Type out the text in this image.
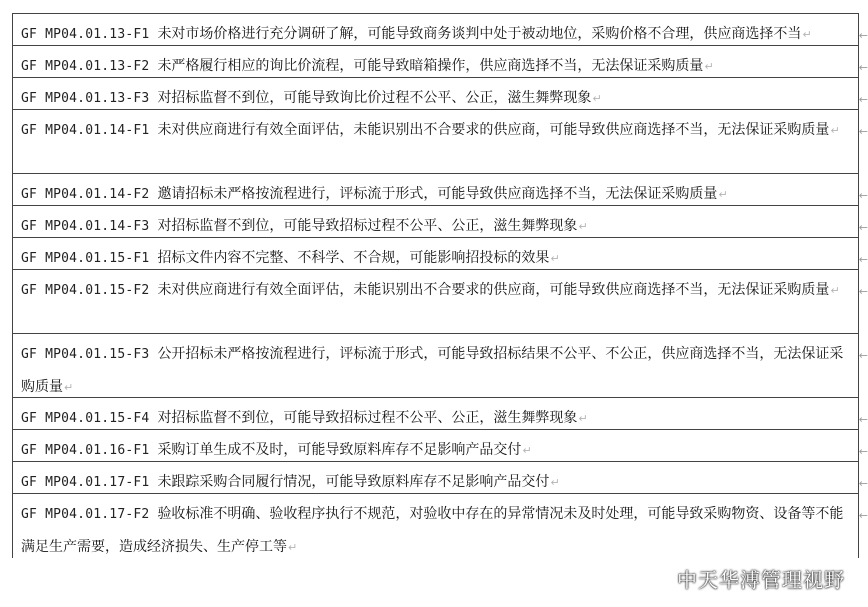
GF MP04.01.13-F1 未对市场价格进行充分调研了解，可能导致商务谈判中处于被动地位，采购价格不合理，供应商选择不当↵	←
GF MP04.01.13-F2 未严格履行相应的询比价流程，可能导致暗箱操作，供应商选择不当，无法保证采购质量↵	←
GF MP04.01.13-F3 对招标监督不到位，可能导致询比价过程不公平、公正，滋生舞弊现象↵	←
GF MP04.01.14-F1 未对供应商进行有效全面评估，未能识别出不合要求的供应商，可能导致供应商选择不当，无法保证采购质量↵ ←
GF MP04.01.14-F2 邀请招标未严格按流程进行，评标流于形式，可能导致供应商选择不当，无法保证采购质量↵	←
GF MP04.01.14-F3 对招标监督不到位，可能导致招标过程不公平、公正，滋生舞弊现象↵	←
GF MP04.01.15-F1 招标文件内容不完整、不科学、不合规，可能影响招投标的效果↵	←
GF MP04.01.15-F2 未对供应商进行有效全面评估，未能识别出不合要求的供应商，可能导致供应商选择不当，无法保证采购质量↵ ←
GF MP04.01.15-F3 公开招标未严格按流程进行，评标流于形式，可能导致招标结果不公平、不公正，供应商选择不当，无法保证采购质量↵
←
GF MP04.01.15-F4 对招标监督不到位，可能导致招标过程不公平、公正，滋生舞弊现象↵	←
GF MP04.01.16-F1 采购订单生成不及时，可能导致原料库存不足影响产品交付↵	←
GF MP04.01.17-F1 未跟踪采购合同履行情况，可能导致原料库存不足影响产品交付↵	←
GF MP04.01.17-F2 验收标准不明确、验收程序执行不规范，对验收中存在的异常情况未及时处理，可能导致采购物资、设备等不能满足生产需要，造成经济损失、生产停工等↵
←
中天华溥管理视野
